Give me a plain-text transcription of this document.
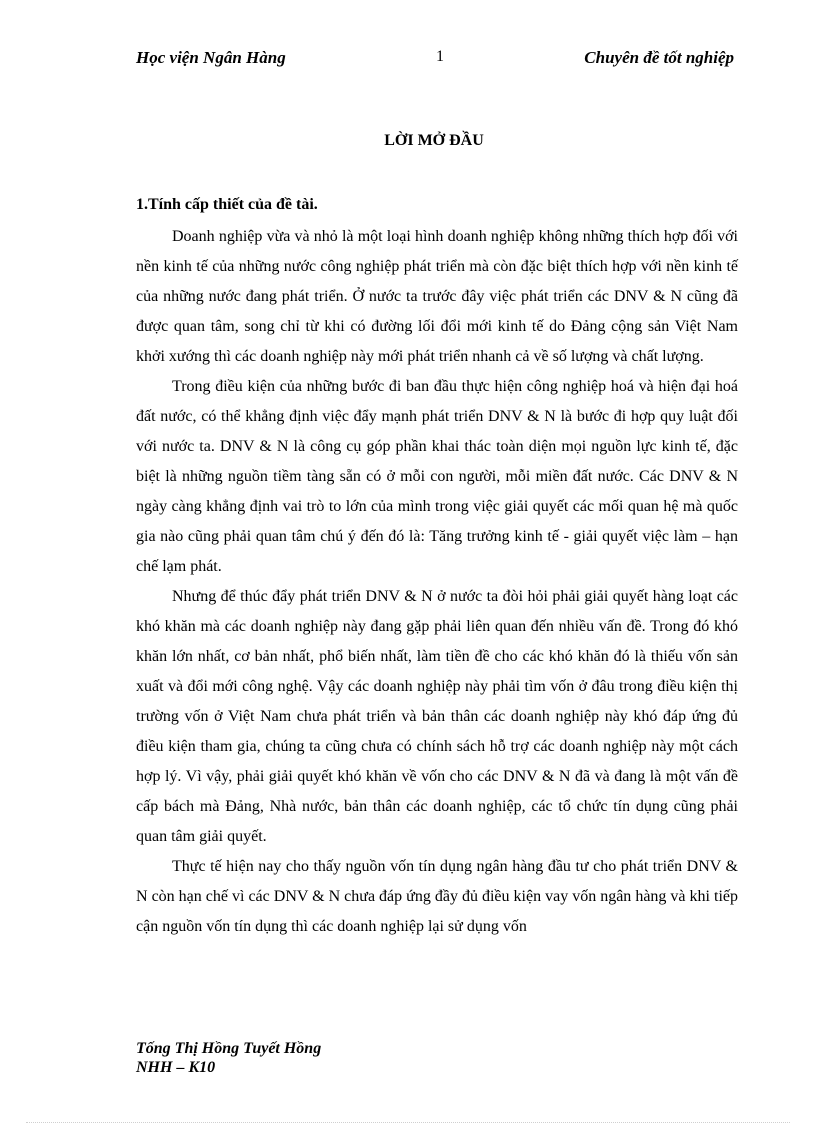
Học viện Ngân Hàng	1	Chuyên đề tốt nghiệp
LỜI MỞ ĐẦU
1.Tính cấp thiết của đề tài.

Doanh nghiệp vừa và nhỏ là một loại hình doanh nghiệp không những thích hợp đối với nền kinh tế của những nước công nghiệp phát triển mà còn đặc biệt thích hợp với nền kinh tế của những nước đang phát triển. Ở nước ta trước đây việc phát triển các DNV & N cũng đã được quan tâm, song chỉ từ khi có đường lối đổi mới kinh tế do Đảng cộng sản Việt Nam khởi xướng thì các doanh nghiệp này mới phát triển nhanh cả về số lượng và chất lượng.

Trong điều kiện của những bước đi ban đầu thực hiện công nghiệp hoá và hiện đại hoá đất nước, có thể khẳng định việc đẩy mạnh phát triển DNV & N là bước đi hợp quy luật đối với nước ta. DNV & N là công cụ góp phần khai thác toàn diện mọi nguồn lực kinh tế, đặc biệt là những nguồn tiềm tàng sẵn có ở mỗi con người, mỗi miền đất nước. Các DNV & N ngày càng khẳng định vai trò to lớn của mình trong việc giải quyết các mối quan hệ mà quốc gia nào cũng phải quan tâm chú ý đến đó là: Tăng trưởng kinh tế - giải quyết việc làm – hạn chế lạm phát.

Nhưng để thúc đẩy phát triển DNV & N ở nước ta đòi hỏi phải giải quyết hàng loạt các khó khăn mà các doanh nghiệp này đang gặp phải liên quan đến nhiều vấn đề. Trong đó khó khăn lớn nhất, cơ bản nhất, phổ biến nhất, làm tiền đề cho các khó khăn đó là thiếu vốn sản xuất và đổi mới công nghệ. Vậy các doanh nghiệp này phải tìm vốn ở đâu trong điều kiện thị trường vốn ở Việt Nam chưa phát triển và bản thân các doanh nghiệp này khó đáp ứng đủ điều kiện tham gia, chúng ta cũng chưa có chính sách hỗ trợ các doanh nghiệp này một cách hợp lý. Vì vậy, phải giải quyết khó khăn về vốn cho các DNV & N đã và đang là một vấn đề cấp bách mà Đảng, Nhà nước, bản thân các doanh nghiệp, các tổ chức tín dụng cũng phải quan tâm giải quyết.

Thực tế hiện nay cho thấy nguồn vốn tín dụng ngân hàng đầu tư cho phát triển DNV & N còn hạn chế vì các DNV & N chưa đáp ứng đầy đủ điều kiện vay vốn ngân hàng và khi tiếp cận nguồn vốn tín dụng thì các doanh nghiệp lại sử dụng vốn

Tống Thị Hồng Tuyết Hồng
NHH – K10
